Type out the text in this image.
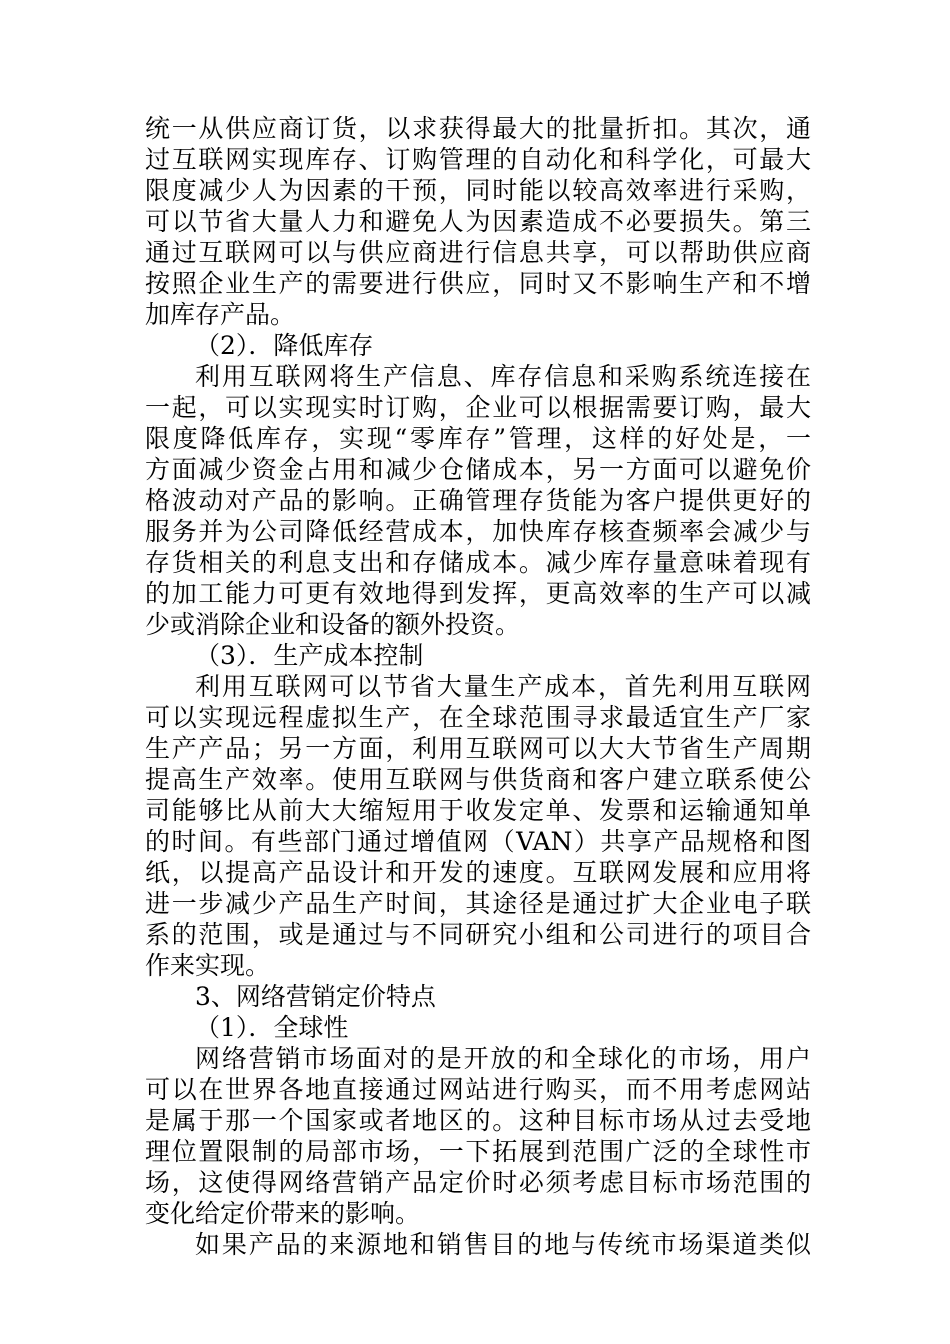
统一从供应商订货，以求获得最大的批量折扣。其次，通
过互联网实现库存、订购管理的自动化和科学化，可最大
限度减少人为因素的干预，同时能以较高效率进行采购，
可以节省大量人力和避免人为因素造成不必要损失。第三
通过互联网可以与供应商进行信息共享，可以帮助供应商
按照企业生产的需要进行供应，同时又不影响生产和不增
加库存产品。
（2）．降低库存
利用互联网将生产信息、库存信息和采购系统连接在
一起，可以实现实时订购，企业可以根据需要订购，最大
限度降低库存，实现“零库存”管理，这样的好处是，一
方面减少资金占用和减少仓储成本，另一方面可以避免价
格波动对产品的影响。正确管理存货能为客户提供更好的
服务并为公司降低经营成本，加快库存核查频率会减少与
存货相关的利息支出和存储成本。减少库存量意味着现有
的加工能力可更有效地得到发挥，更高效率的生产可以减
少或消除企业和设备的额外投资。
（3）．生产成本控制
利用互联网可以节省大量生产成本，首先利用互联网
可以实现远程虚拟生产，在全球范围寻求最适宜生产厂家
生产产品；另一方面，利用互联网可以大大节省生产周期
提高生产效率。使用互联网与供货商和客户建立联系使公
司能够比从前大大缩短用于收发定单、发票和运输通知单
的时间。有些部门通过增值网（VAN）共享产品规格和图
纸，以提高产品设计和开发的速度。互联网发展和应用将
进一步减少产品生产时间，其途径是通过扩大企业电子联
系的范围，或是通过与不同研究小组和公司进行的项目合
作来实现。
3、网络营销定价特点
（1）．全球性
网络营销市场面对的是开放的和全球化的市场，用户
可以在世界各地直接通过网站进行购买，而不用考虑网站
是属于那一个国家或者地区的。这种目标市场从过去受地
理位置限制的局部市场，一下拓展到范围广泛的全球性市
场，这使得网络营销产品定价时必须考虑目标市场范围的
变化给定价带来的影响。
如果产品的来源地和销售目的地与传统市场渠道类似
